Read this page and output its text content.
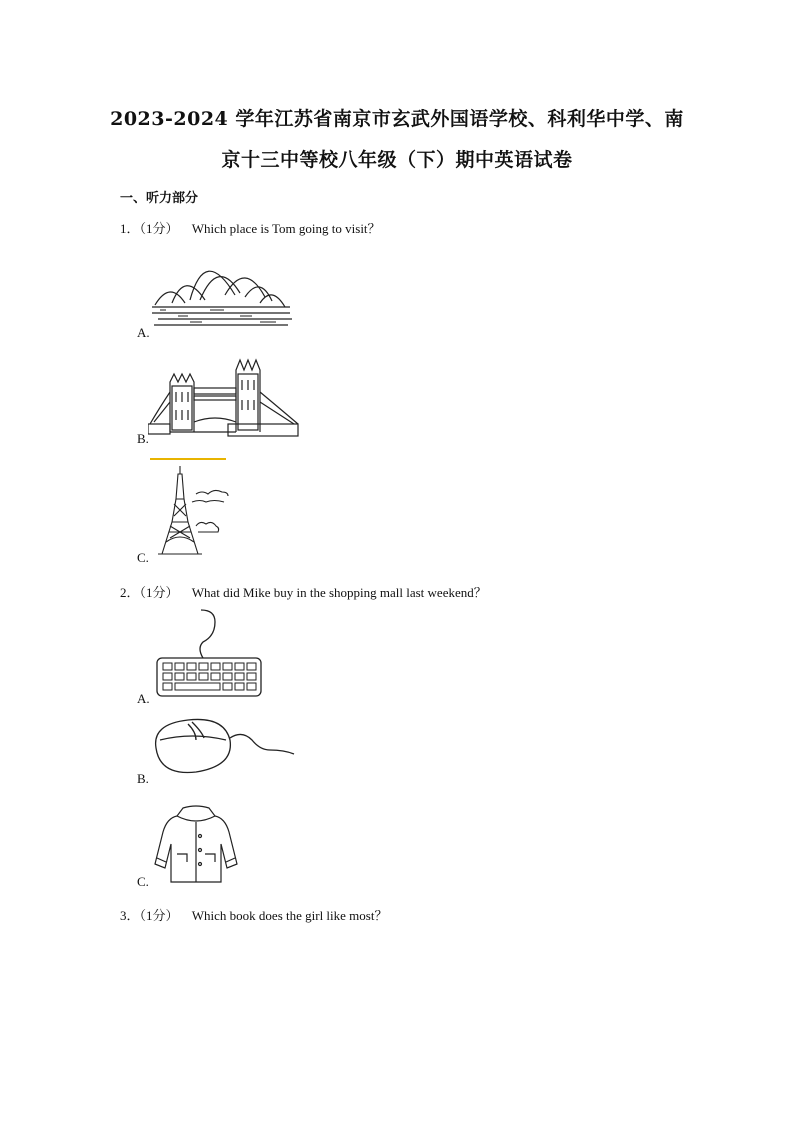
2023-2024 学年江苏省南京市玄武外国语学校、科利华中学、南
京十三中等校八年级（下）期中英语试卷
一、听力部分
1．（1分） Which place is Tom going to visit？
A.
B.
C.
2．（1分） What did Mike buy in the shopping mall last weekend？
A.
B.
C.
3．（1分） Which book does the girl like most？
